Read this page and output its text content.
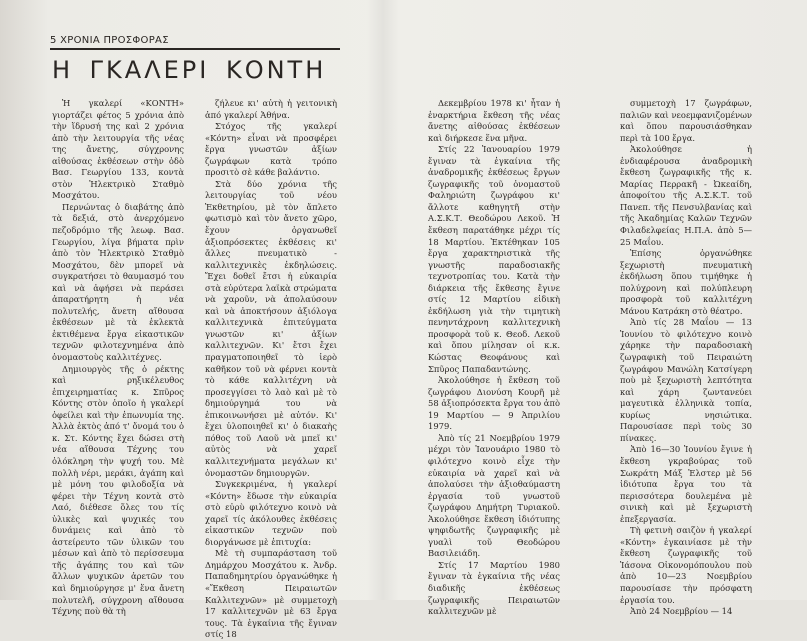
5 ΧΡΟΝΙΑ ΠΡΟΣΦΟΡΑΣ
Η ΓΚΑΛΕΡΙ ΚΟΝΤΗ

Ἡ γκαλερί «ΚΟΝΤΗ» γιορτάζει φέτος 5 χρόνια ἀπὸ τὴν ἵδρυσή της καὶ 2 χρόνια ἀπὸ τὴν λειτουργία τῆς νέας της ἄνετης, σύγχρονης αἰθούσας ἐκθέσεων στὴν ὁδὸ Βασ. Γεωργίου 133, κοντὰ στὸν Ἠλεκτρικὸ Σταθμὸ Μοσχάτου.

Περνώντας ὁ διαβάτης ἀπὸ τὰ δεξιά, στὸ ἀνερχόμενο πεζοδρόμιο τῆς λεωφ. Βασ. Γεωργίου, λίγα βήματα πρὶν ἀπὸ τὸν Ἠλεκτρικὸ Σταθμὸ Μοσχάτου, δὲν μπορεῖ νὰ συγκρατήσει τὸ θαυμασμό του καὶ νὰ ἀφήσει νὰ περάσει ἀπαρατήρητη ἡ νέα πολυτελής, ἄνετη αἴθουσα ἐκθέσεων μὲ τὰ ἐκλεκτὰ ἐκτιθέμενα ἔργα εἰκαστικῶν τεχνῶν φιλοτεχνημένα ἀπὸ ὀνομαστοὺς καλλιτέχνες.

Δημιουργὸς τῆς ὁ ρέκτης καὶ ρηξικέλευθος ἐπιχειρηματίας κ. Σπῦρος Κόντης στὸν ὁποῖο ἡ γκαλερί ὀφείλει καὶ τὴν ἐπωνυμία της. Ἀλλὰ ἐκτὸς ἀπό τ' ὄνομά του ὁ κ. Στ. Κόντης ἔχει δώσει στὴ νέα αἴθουσα Τέχνης του ὁλόκληρη τὴν ψυχή του. Μὲ πολλὴ νέρι, μεράκι, ἀγάπη καὶ μὲ μόνη του φιλοδοξία νὰ φέρει τὴν Τέχνη κοντὰ στὸ Λαό, διέθεσε ὅλες του τίς ὑλικὲς καὶ ψυχικές του δυνάμεις καὶ ἀπὸ τὸ ἀστείρευτο τῶν ὑλικῶν του μέσων καὶ ἀπὸ τὸ περίσσευμα τῆς ἀγάπης του καὶ τῶν ἄλλων ψυχικῶν ἀρετῶν του καὶ δημιούργησε μ' ἕνα ἄνετη πολυτελῆ, σύγχρονη αἴθουσα Τέχνης ποὺ θὰ τὴ

ζήλευε κι' αὐτὴ ἡ γειτονικὴ ἀπό γκαλερί Ἀθήνα.

Στόχος τῆς γκαλερί «Κόντη» εἶναι νὰ προσφέρει ἔργα γνωστῶν ἀξίων ζωγράφων κατὰ τρόπο προσιτὸ σὲ κάθε βαλάντιο.

Στὰ δύο χρόνια τῆς λειτουργίας τοῦ νέου Ἐκθετηρίου, μὲ τὸν ἄπλετο φωτισμὸ καὶ τὸν ἄνετο χῶρο, ἔχουν ὀργανωθεῖ ἀξιοπρόσεκτες ἐκθέσεις κι' ἄλλες πνευματικὸ - καλλιτεχνικὲς ἐκδηλώσεις. Ἔχει δοθεῖ ἔτσι ἡ εὐκαιρία στὰ εὐρύτερα λαϊκὰ στρώματα νὰ χαροῦν, νὰ ἀπολαύσουν καὶ νὰ ἀποκτήσουν ἀξιόλογα καλλιτεχνικὰ ἐπιτεύγματα γνωστῶν κι' ἀξίων καλλιτεχνῶν. Κι' ἔτσι ἔχει πραγματοποιηθεῖ τὸ ἱερὸ καθῆκον τοῦ νὰ φέρνει κοντὰ τὸ κάθε καλλιτέχνη νὰ προσεγγίσει τὸ λαὸ καὶ μὲ τὸ δημιούργημά του νὰ ἐπικοινωνήσει μὲ αὐτόν. Κι' ἔχει ὑλοποιηθεῖ κι' ὁ διακαὴς πόθος τοῦ Λαοῦ νὰ μπεῖ κι' αὐτὸς νὰ χαρεῖ καλλιτεχνήματα μεγάλων κι' ὀνομαστῶν δημιουργῶν.

Συγκεκριμένα, ἡ γκαλερί «Κόντη» ἔδωσε τὴν εὐκαιρία στὸ εὐρὺ φιλότεχνο κοινὸ νὰ χαρεῖ τίς ἀκόλουθες ἐκθέσεις εἰκαστικῶν τεχνῶν ποὺ διοργάνωσε μὲ ἐπιτυχία:

Μὲ τὴ συμπαράσταση τοῦ Δημάρχου Μοσχάτου κ. Ἀνδρ. Παπαδημητρίου ὀργανώθηκε ἡ «Ἔκθεση Πειραιωτῶν Καλλιτεχνῶν» μὲ συμμετοχὴ 17 καλλιτεχνῶν μὲ 63 ἔργα τους. Τὰ ἐγκαίνια τῆς ἔγιναν στίς 18

Δεκεμβρίου 1978 κι' ἦταν ἡ ἐναρκτήρια ἔκθεση τῆς νέας ἄνετης αἰθούσας ἐκθέσεων καὶ διήρκεσε ἕνα μῆνα.

Στίς 22 Ἰανουαρίου 1979 ἔγιναν τὰ ἐγκαίνια τῆς ἀναδρομικῆς ἐκθέσεως ἔργων ζωγραφικῆς τοῦ ὀνομαστοῦ Φαληριώτη ζωγράφου κι' ἄλλοτε καθηγητῆ στὴν Α.Σ.Κ.Τ. Θεοδώρου Λεκοῦ. Ἡ ἔκθεση παρατάθηκε μέχρι τίς 18 Μαρτίου. Ἐκτέθηκαν 105 ἔργα χαρακτηριστικὰ τῆς γνωστῆς παραδοσιακῆς τεχνοτροπίας του. Κατὰ τὴν διάρκεια τῆς ἔκθεσης ἔγινε στίς 12 Μαρτίου εἰδικὴ ἐκδήλωση γιὰ τὴν τιμητικὴ πενηντάχρονη καλλιτεχνικὴ προσφορὰ τοῦ κ. Θεοδ. Λεκοῦ καὶ ὅπου μίλησαν οἱ κ.κ. Κώστας Θεοφάνους καὶ Σπῦρος Παπαδαντώνης.

Ἀκολούθησε ἡ ἔκθεση τοῦ ζωγράφου Διονύση Κουρῆ μὲ 58 ἀξιοπρόσεκτα ἔργα του ἀπὸ 19 Μαρτίου — 9 Ἀπριλίου 1979.

Ἀπὸ τίς 21 Νοεμβρίου 1979 μέχρι τὸν Ἰανουάριο 1980 τὸ φιλότεχνο κοινὸ εἶχε τὴν εὐκαιρία νὰ χαρεῖ καὶ νὰ ἀπολαύσει τὴν ἀξιοθαύμαστη ἐργασία τοῦ γνωστοῦ ζωγράφου Δημήτρη Τυριακοῦ. Ἀκολούθησε ἔκθεση ἰδιότυπης ψηφιδωτῆς ζωγραφικῆς μὲ γυαλὶ τοῦ Θεοδώρου Βασιλειάδη.

Στίς 17 Μαρτίου 1980 ἔγιναν τὰ ἐγκαίνια τῆς νέας διαδικῆς ἐκθέσεως ζωγραφικῆς Πειραιωτῶν καλλιτεχνῶν μὲ

συμμετοχὴ 17 ζωγράφων, παλιῶν καὶ νεοεμφανιζομένων καὶ ὅπου παρουσιάσθηκαν περὶ τὰ 100 ἔργα.

Ἀκολούθησε ἡ ἐνδιαφέρουσα ἀναδρομικὴ ἔκθεση ζωγραφικῆς τῆς κ. Μαρίας Περρακῆ - Ὠκεαίδη, ἀποφοίτου τῆς Α.Σ.Κ.Τ. τοῦ Πανεπ. τῆς Πενσυλβανίας καὶ τῆς Ἀκαδημίας Καλῶν Τεχνῶν Φιλαδελφείας Η.Π.Α. ἀπὸ 5—25 Μαΐου.

Ἐπίσης ὀργανώθηκε ξεχωριστὴ πνευματικὴ ἐκδήλωση ὅπου τιμήθηκε ἡ πολύχρονη καὶ πολύπλευρη προσφορὰ τοῦ καλλιτέχνη Μάνου Κατράκη στὸ θέατρο.

Ἀπὸ τίς 28 Μαΐου — 13 Ἰουνίου τὸ φιλότεχνο κοινὸ χάρηκε τὴν παραδοσιακὴ ζωγραφικὴ τοῦ Πειραιώτη ζωγράφου Μανώλη Κατσίγερη ποὺ μὲ ξεχωριστὴ λεπτότητα καὶ χάρη ζωντανεύει μαγευτικὰ ἑλληνικὰ τοπία, κυρίως νησιώτικα. Παρουσίασε περὶ τοὺς 30 πίνακες.

Ἀπὸ 16—30 Ἰουνίου ἔγινε ἡ ἔκθεση γκραβούρας τοῦ Σωκράτη Μάξ Ἐλστερ μὲ 56 ἰδιότυπα ἔργα του τὰ περισσότερα δουλεμένα μὲ σινικὴ καὶ μὲ ξεχωριστὴ ἐπεξεργασία.

Τὴ φετινὴ σαιζὸν ἡ γκαλερί «Κόντη» ἐγκαινίασε μὲ τὴν ἔκθεση ζωγραφικῆς τοῦ Ἰάσονα Οἰκονομόπουλου ποὺ ἀπὸ 10—23 Νοεμβρίου παρουσίασε τὴν πρόσφατη ἐργασία του.

Ἀπὸ 24 Νοεμβρίου — 14
